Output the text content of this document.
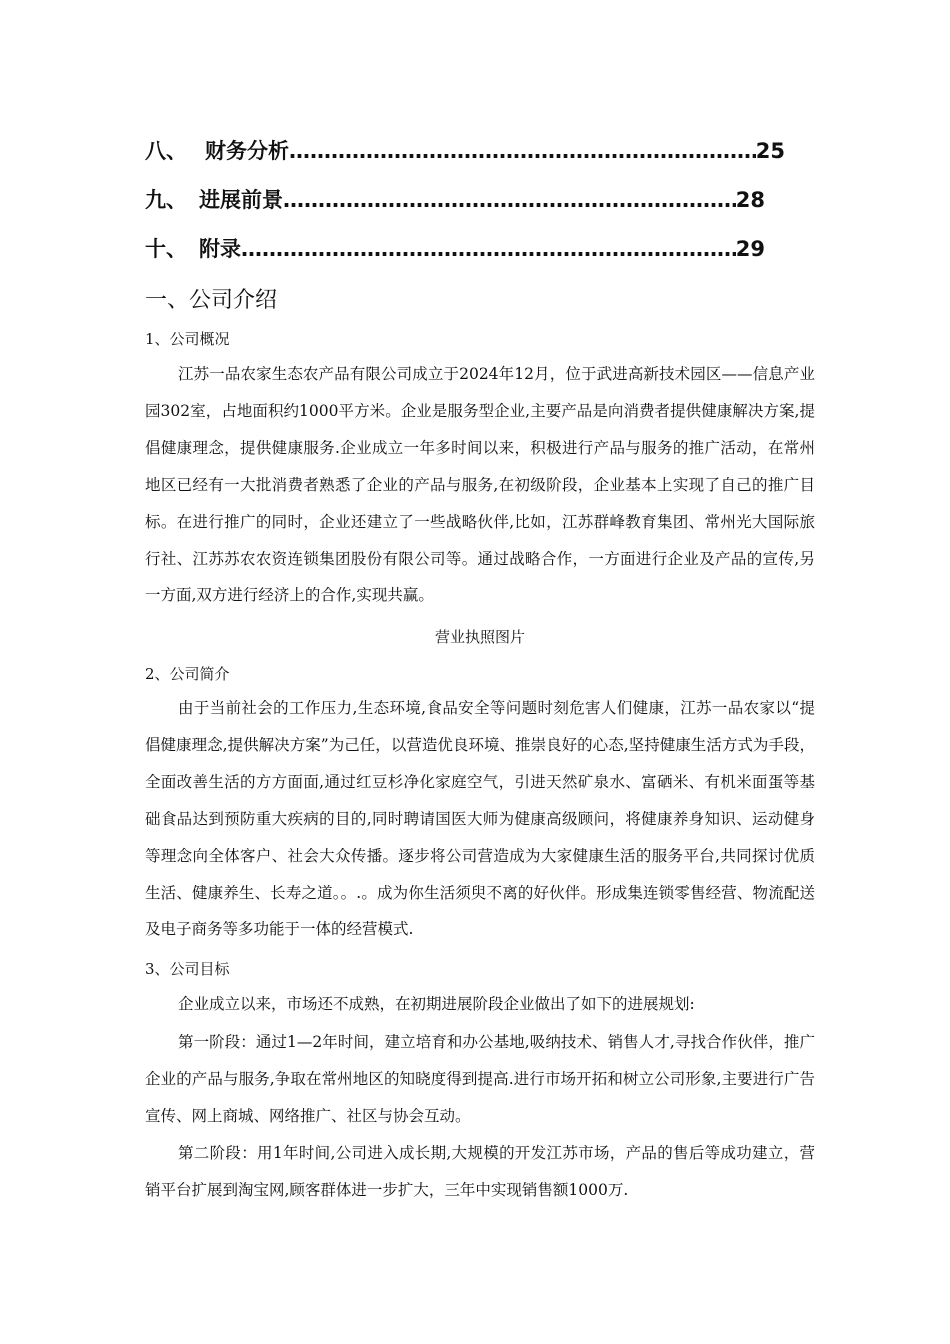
八、 财务分析 ……………………………………………………………………………………………………………………………………	25
九、 进展前景 ……………………………………………………………………………………………………………………………………	28
十、 附录 ……………………………………………………………………………………………………………………………………	29
一、公司介绍
1、公司概况

江苏一品农家生态农产品有限公司成立于2024年12月，位于武进高新技术园区——信息产业园302室，占地面积约1000平方米。企业是服务型企业,主要产品是向消费者提供健康解决方案,提倡健康理念，提供健康服务.企业成立一年多时间以来，积极进行产品与服务的推广活动，在常州地区已经有一大批消费者熟悉了企业的产品与服务,在初级阶段，企业基本上实现了自己的推广目标。在进行推广的同时，企业还建立了一些战略伙伴,比如，江苏群峰教育集团、常州光大国际旅行社、江苏苏农农资连锁集团股份有限公司等。通过战略合作，一方面进行企业及产品的宣传,另一方面,双方进行经济上的合作,实现共赢。

营业执照图片
2、公司简介

由于当前社会的工作压力,生态环境,食品安全等问题时刻危害人们健康，江苏一品农家以“提倡健康理念,提供解决方案”为己任，以营造优良环境、推崇良好的心态,坚持健康生活方式为手段，全面改善生活的方方面面,通过红豆杉净化家庭空气，引进天然矿泉水、富硒米、有机米面蛋等基础食品达到预防重大疾病的目的,同时聘请国医大师为健康高级顾问，将健康养身知识、运动健身等理念向全体客户、社会大众传播。逐步将公司营造成为大家健康生活的服务平台,共同探讨优质生活、健康养生、长寿之道。。.。成为你生活须臾不离的好伙伴。形成集连锁零售经营、物流配送及电子商务等多功能于一体的经营模式.

3、公司目标

企业成立以来，市场还不成熟，在初期进展阶段企业做出了如下的进展规划:

第一阶段：通过1—2年时间，建立培育和办公基地,吸纳技术、销售人才,寻找合作伙伴，推广企业的产品与服务,争取在常州地区的知晓度得到提高.进行市场开拓和树立公司形象,主要进行广告宣传、网上商城、网络推广、社区与协会互动。

第二阶段：用1年时间,公司进入成长期,大规模的开发江苏市场，产品的售后等成功建立，营销平台扩展到淘宝网,顾客群体进一步扩大，三年中实现销售额1000万.
